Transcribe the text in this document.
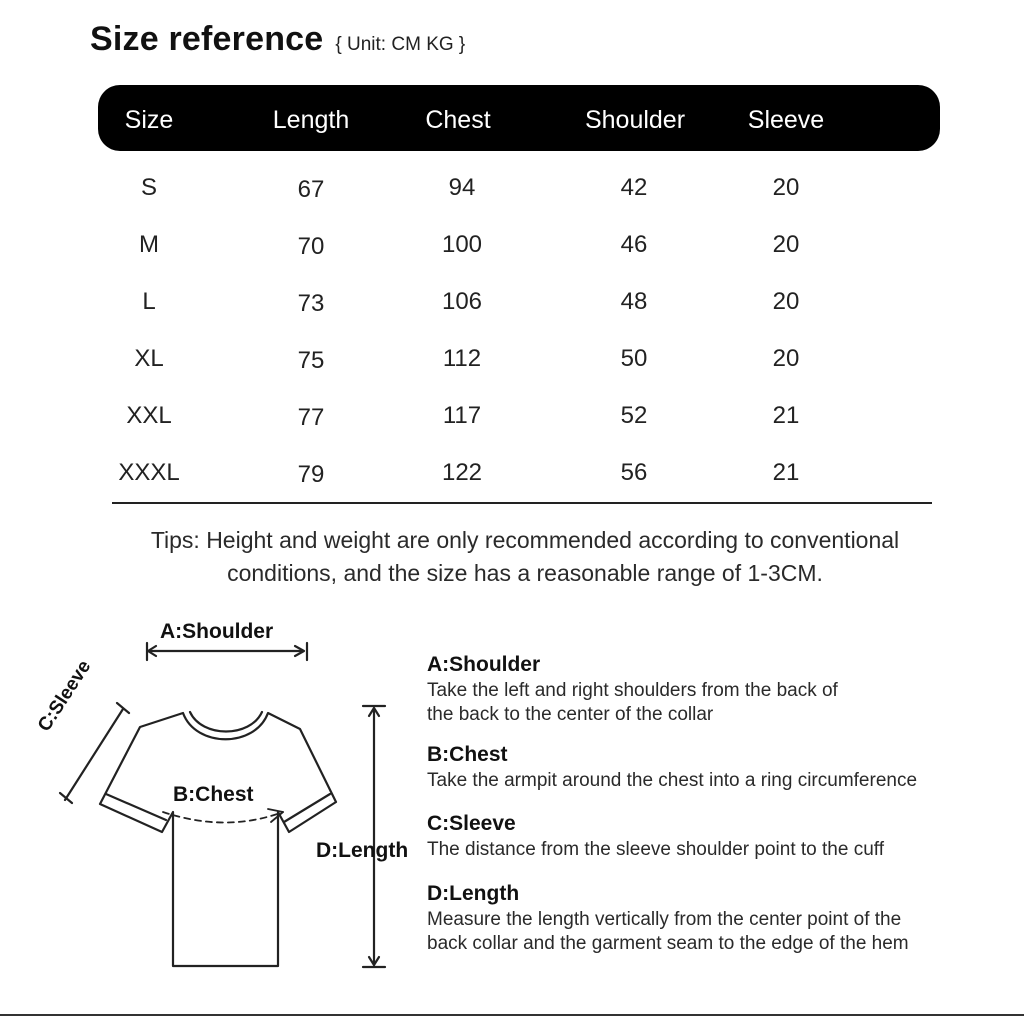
Size reference { Unit: CM KG }
Size	Length	Chest	Shoulder	Sleeve
S	67	94	42	20
M	70	100	46	20
L	73	106	48	20
XL	75	112	50	20
XXL	77	117	52	21
XXXL	79	122	56	21
Tips: Height and weight are only recommended according to conventional
conditions, and the size has a reasonable range of 1-3CM.
A:Shoulder
B:Chest
D:Length
C:Sleeve	A:Shoulder
Take the left and right shoulders from the back of
the back to the center of the collar
B:Chest
Take the armpit around the chest into a ring circumference
C:Sleeve
The distance from the sleeve shoulder point to the cuff
D:Length
Measure the length vertically from the center point of the
back collar and the garment seam to the edge of the hem
